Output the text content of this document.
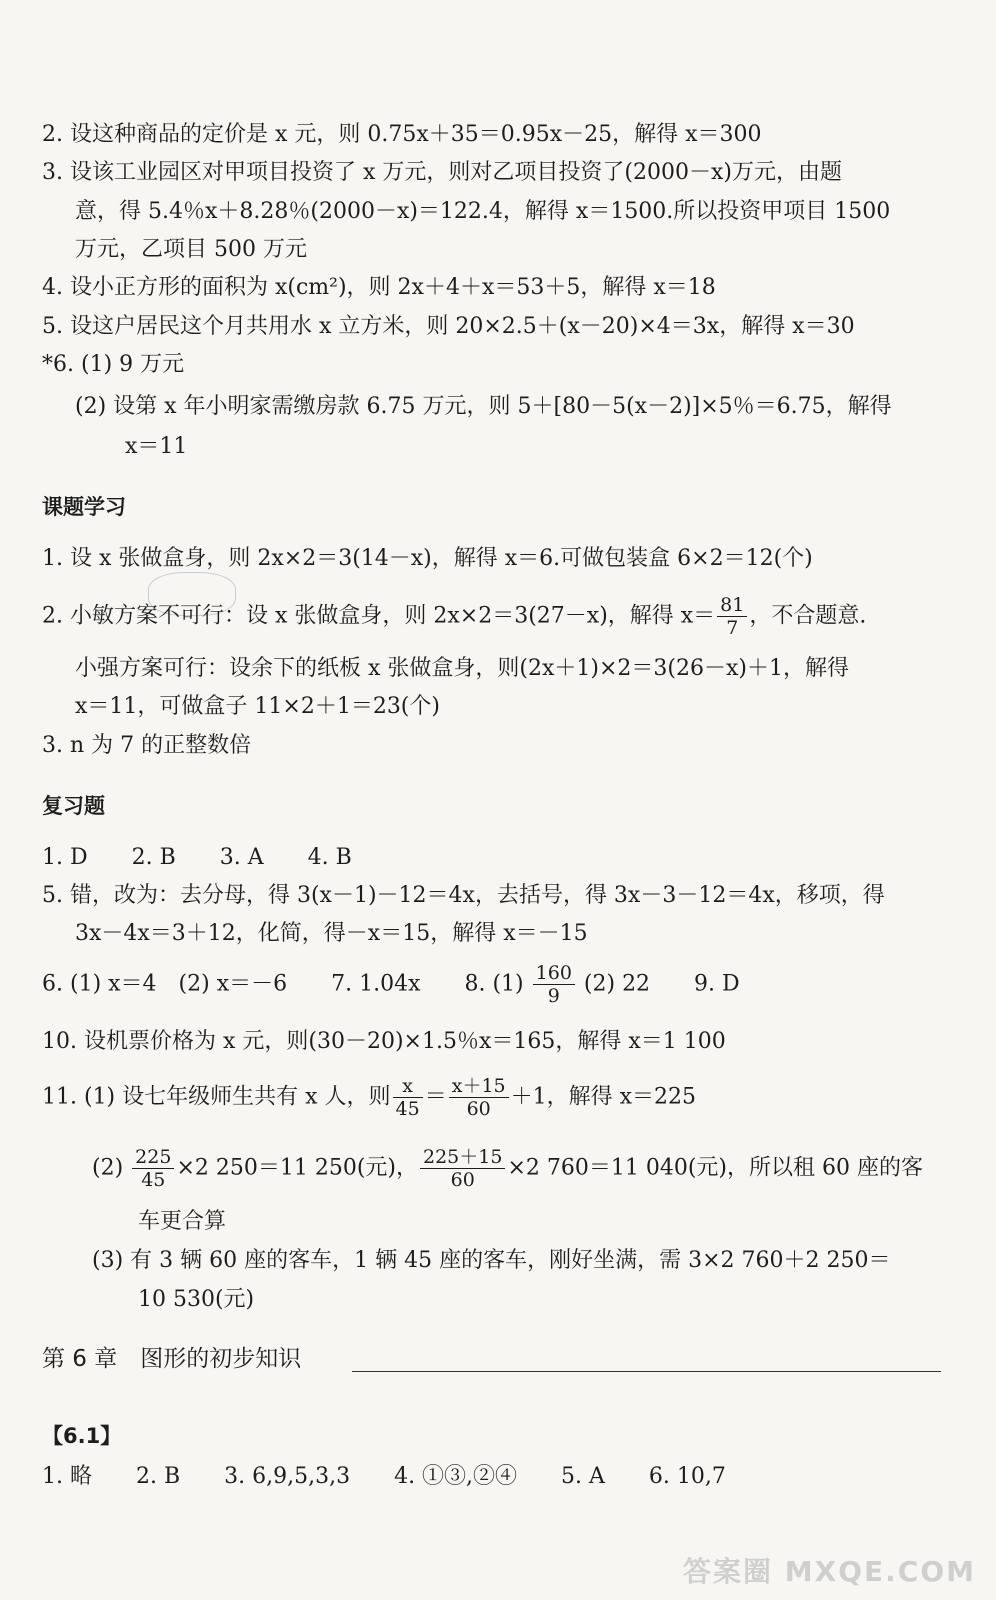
2. 设这种商品的定价是 x 元，则 0.75x＋35＝0.95x－25，解得 x＝300
3. 设该工业园区对甲项目投资了 x 万元，则对乙项目投资了(2000－x)万元，由题
意，得 5.4％x＋8.28％(2000－x)＝122.4，解得 x＝1500.所以投资甲项目 1500
万元，乙项目 500 万元
4. 设小正方形的面积为 x(cm²)，则 2x＋4＋x＝53＋5，解得 x＝18
5. 设这户居民这个月共用水 x 立方米，则 20×2.5＋(x－20)×4＝3x，解得 x＝30
*6. (1) 9 万元
(2) 设第 x 年小明家需缴房款 6.75 万元，则 5＋[80－5(x－2)]×5％＝6.75，解得
x＝11
课题学习
1. 设 x 张做盒身，则 2x×2＝3(14－x)，解得 x＝6.可做包装盒 6×2＝12(个)
2. 小敏方案不可行：设 x 张做盒身，则 2x×2＝3(27－x)，解得 $x= \frac{81}{7}$ ，不合题意.
小强方案可行：设余下的纸板 x 张做盒身，则(2x＋1)×2＝3(26－x)＋1，解得
x＝11，可做盒子 11×2＋1＝23(个)
3. n 为 7 的正整数倍
复习题
1. D　　2. B　　3. A　　4. B
5. 错，改为：去分母，得 3(x－1)－12＝4x，去括号，得 3x－3－12＝4x，移项，得
3x－4x＝3＋12，化简，得－x＝15，解得 x＝－15
6. (1) x＝4　(2) x＝－6　　7. 1.04x　　8. $(1) \frac{160}{9} (2)$ 22　　9. D
10. 设机票价格为 x 元，则(30－20)×1.5％x＝165，解得 x＝1 100
11. (1) 设七年级师生共有 x 人，则 $\frac{x}{45} = \frac{x+15}{60} +1$，解得 x＝225
$(2) \frac{225}{45} \times 2$ 250＝11 250(元)， $\frac{225+15}{60} \times 2$ 760＝11 040(元)，所以租 60 座的客
车更合算
(3) 有 3 辆 60 座的客车，1 辆 45 座的客车，刚好坐满，需 3×2 760＋2 250＝
10 530(元)
第 6 章　图形的初步知识
【6.1】
1. 略　　2. B　　3. 6,9,5,3,3　　4. ①③,②④　　5. A　　6. 10,7
答案圈 MXQE.COM
